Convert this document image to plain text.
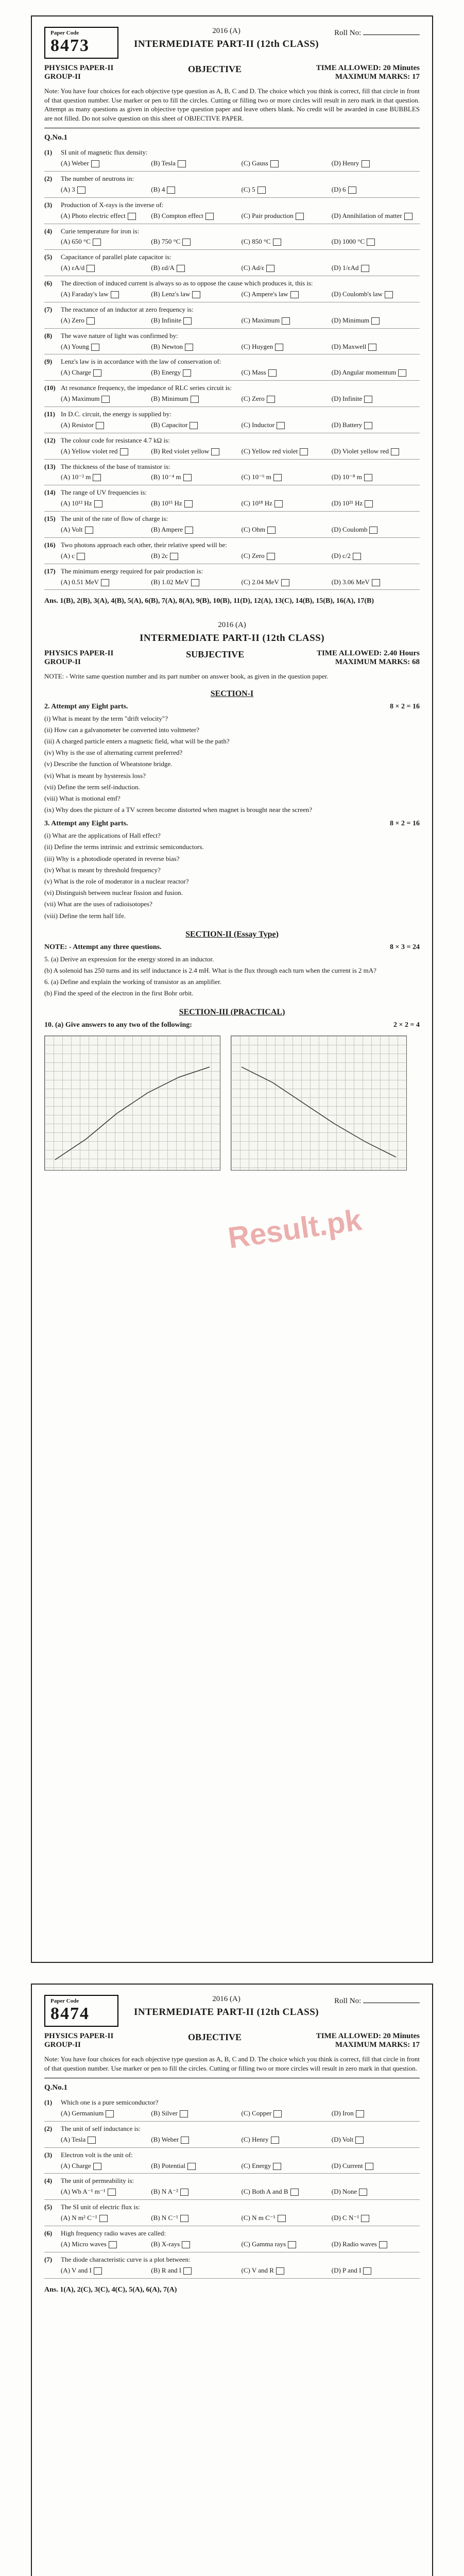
Paper Code
8473
2016 (A)
INTERMEDIATE PART-II (12th CLASS)
Roll No:
PHYSICS PAPER-II
GROUP-II
OBJECTIVE	TIME ALLOWED: 20 Minutes
MAXIMUM MARKS: 17
Note: You have four choices for each objective type question as A, B, C and D. The choice which you think is correct, fill that circle in front of that question number. Use marker or pen to fill the circles. Cutting or filling two or more circles will result in zero mark in that question. Attempt as many questions as given in objective type question paper and leave others blank. No credit will be awarded in case BUBBLES are not filled. Do not solve question on this sheet of OBJECTIVE PAPER.
Q.No.1
(1)	SI unit of magnetic flux density:
(A) Weber	(B) Tesla	(C) Gauss	(D) Henry
(2)	The number of neutrons in:
(A) 3	(B) 4	(C) 5	(D) 6
(3)	Production of X-rays is the inverse of:
(A) Photo electric effect	(B) Compton effect	(C) Pair production	(D) Annihilation of matter
(4)	Curie temperature for iron is:
(A) 650 °C	(B) 750 °C	(C) 850 °C	(D) 1000 °C
(5)	Capacitance of parallel plate capacitor is:
(A) εA/d	(B) εd/A	(C) Ad/ε	(D) 1/εAd
(6)	The direction of induced current is always so as to oppose the cause which produces it, this is:
(A) Faraday's law	(B) Lenz's law	(C) Ampere's law	(D) Coulomb's law
(7)	The reactance of an inductor at zero frequency is:
(A) Zero	(B) Infinite	(C) Maximum	(D) Minimum
(8)	The wave nature of light was confirmed by:
(A) Young	(B) Newton	(C) Huygen	(D) Maxwell
(9)	Lenz's law is in accordance with the law of conservation of:
(A) Charge	(B) Energy	(C) Mass	(D) Angular momentum
(10) At resonance frequency, the impedance of RLC series circuit is:
(A) Maximum	(B) Minimum	(C) Zero	(D) Infinite
(11) In D.C. circuit, the energy is supplied by:
(A) Resistor	(B) Capacitor	(C) Inductor	(D) Battery
(12) The colour code for resistance 4.7 kΩ is:
(A) Yellow violet red	(B) Red violet yellow	(C) Yellow red violet	(D) Violet yellow red
(13) The thickness of the base of transistor is:
(A) 10⁻² m	(B) 10⁻⁴ m	(C) 10⁻⁶ m	(D) 10⁻⁸ m
(14) The range of UV frequencies is:
(A) 10¹² Hz	(B) 10¹⁵ Hz	(C) 10¹⁸ Hz	(D) 10²¹ Hz
(15) The unit of the rate of flow of charge is:
(A) Volt	(B) Ampere	(C) Ohm	(D) Coulomb
(16) Two photons approach each other, their relative speed will be:
(A) c	(B) 2c	(C) Zero	(D) c/2
(17) The minimum energy required for pair production is:
(A) 0.51 MeV	(B) 1.02 MeV	(C) 2.04 MeV	(D) 3.06 MeV
Ans. 1(B), 2(B), 3(A), 4(B), 5(A), 6(B), 7(A), 8(A), 9(B), 10(B), 11(D), 12(A), 13(C), 14(B), 15(B), 16(A), 17(B)
2016 (A)
INTERMEDIATE PART-II (12th CLASS)
PHYSICS PAPER-II
GROUP-II
SUBJECTIVE	TIME ALLOWED: 2.40 Hours
MAXIMUM MARKS: 68
NOTE: - Write same question number and its part number on answer book, as given in the question paper.
SECTION-I
2. Attempt any Eight parts.	8 × 2 = 16
(i) What is meant by the term "drift velocity"?
(ii) How can a galvanometer be converted into voltmeter?
(iii) A charged particle enters a magnetic field, what will be the path?
(iv) Why is the use of alternating current preferred?
(v) Describe the function of Wheatstone bridge.
(vi) What is meant by hysteresis loss?
(vii) Define the term self-induction.
(viii) What is motional emf?
(ix) Why does the picture of a TV screen become distorted when magnet is brought near the screen?
3. Attempt any Eight parts.	8 × 2 = 16
(i) What are the applications of Hall effect?
(ii) Define the terms intrinsic and extrinsic semiconductors.
(iii) Why is a photodiode operated in reverse bias?
(iv) What is meant by threshold frequency?
(v) What is the role of moderator in a nuclear reactor?
(vi) Distinguish between nuclear fission and fusion.
(vii) What are the uses of radioisotopes?
(viii) Define the term half life.
SECTION-II (Essay Type)
NOTE: - Attempt any three questions.	8 × 3 = 24
5. (a) Derive an expression for the energy stored in an inductor.
(b) A solenoid has 250 turns and its self inductance is 2.4 mH. What is the flux through each turn when the current is 2 mA?
6. (a) Define and explain the working of transistor as an amplifier.
(b) Find the speed of the electron in the first Bohr orbit.
SECTION-III (PRACTICAL)
10. (a) Give answers to any two of the following:	2 × 2 = 4
Result.pk
Paper Code
8474
2016 (A)
INTERMEDIATE PART-II (12th CLASS)
Roll No:
PHYSICS PAPER-II
GROUP-II
OBJECTIVE	TIME ALLOWED: 20 Minutes
MAXIMUM MARKS: 17
Note: You have four choices for each objective type question as A, B, C and D. The choice which you think is correct, fill that circle in front of that question number. Use marker or pen to fill the circles. Cutting or filling two or more circles will result in zero mark in that question.
Q.No.1
(1)	Which one is a pure semiconductor?
(A) Germanium	(B) Silver	(C) Copper	(D) Iron
(2)	The unit of self inductance is:
(A) Tesla	(B) Weber	(C) Henry	(D) Volt
(3)	Electron volt is the unit of:
(A) Charge	(B) Potential	(C) Energy	(D) Current
(4)	The unit of permeability is:
(A) Wb A⁻¹ m⁻¹	(B) N A⁻²	(C) Both A and B	(D) None
(5)	The SI unit of electric flux is:
(A) N m² C⁻¹	(B) N C⁻¹	(C) N m C⁻¹	(D) C N⁻¹
(6)	High frequency radio waves are called:
(A) Micro waves	(B) X-rays	(C) Gamma rays	(D) Radio waves
(7)	The diode characteristic curve is a plot between:
(A) V and I	(B) R and I	(C) V and R	(D) P and I
Ans. 1(A), 2(C), 3(C), 4(C), 5(A), 6(A), 7(A)
